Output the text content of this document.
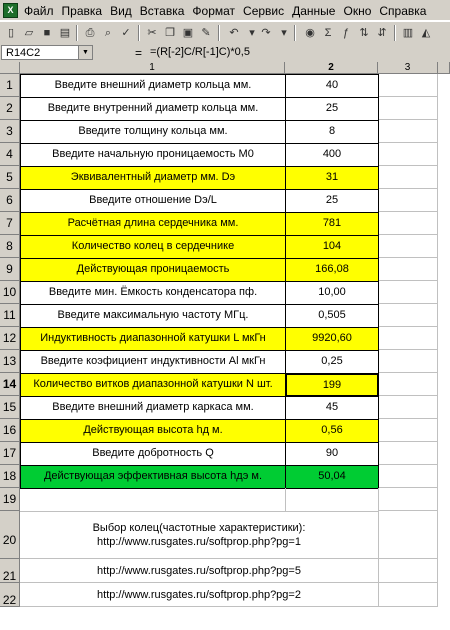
X Файл Правка Вид Вставка Формат Сервис Данные Окно Справка
▯ ▱ ■ ▤	⎙ ⌕ ✓	✂ ❐ ▣ ✎	↶ ▾ ↷ ▾	◉ Σ	ƒ ⇅ ⇵	▥ ◭
R14C2	▼	= =(R[-2]C/R[-1]C)*0,5
1	2	3
1	Введите внешний диаметр кольца мм.	40
2	Введите внутренний диаметр кольца мм.	25
3	Введите толщину кольца мм.	8
4	Введите начальную проницаемость M0	400
5	Эквивалентный диаметр мм. Dэ	31
6	Введите отношение Dэ/L	25
7	Расчётная длина сердечника мм.	781
8	Количество колец в сердечнике	104
9	Действующая проницаемость	166,08
10	Введите мин. Ёмкость конденсатора пф.	10,00
11	Введите максимальную частоту МГц.	0,505
12	Индуктивность диапазонной катушки L мкГн	9920,60
13	Введите коэфициент индуктивности Al мкГн	0,25
14	Количество витков диапазонной катушки N шт.	199
15	Введите внешний диаметр каркаса мм.	45
16	Действующая высота hд м.	0,56
17	Введите добротность Q	90
18	Действующая эффективная высота hдэ м.	50,04
19
20
Выбор колец(частотные характеристики):
http://www.rusgates.ru/softprop.php?pg=1
21	http://www.rusgates.ru/softprop.php?pg=5
22	http://www.rusgates.ru/softprop.php?pg=2
